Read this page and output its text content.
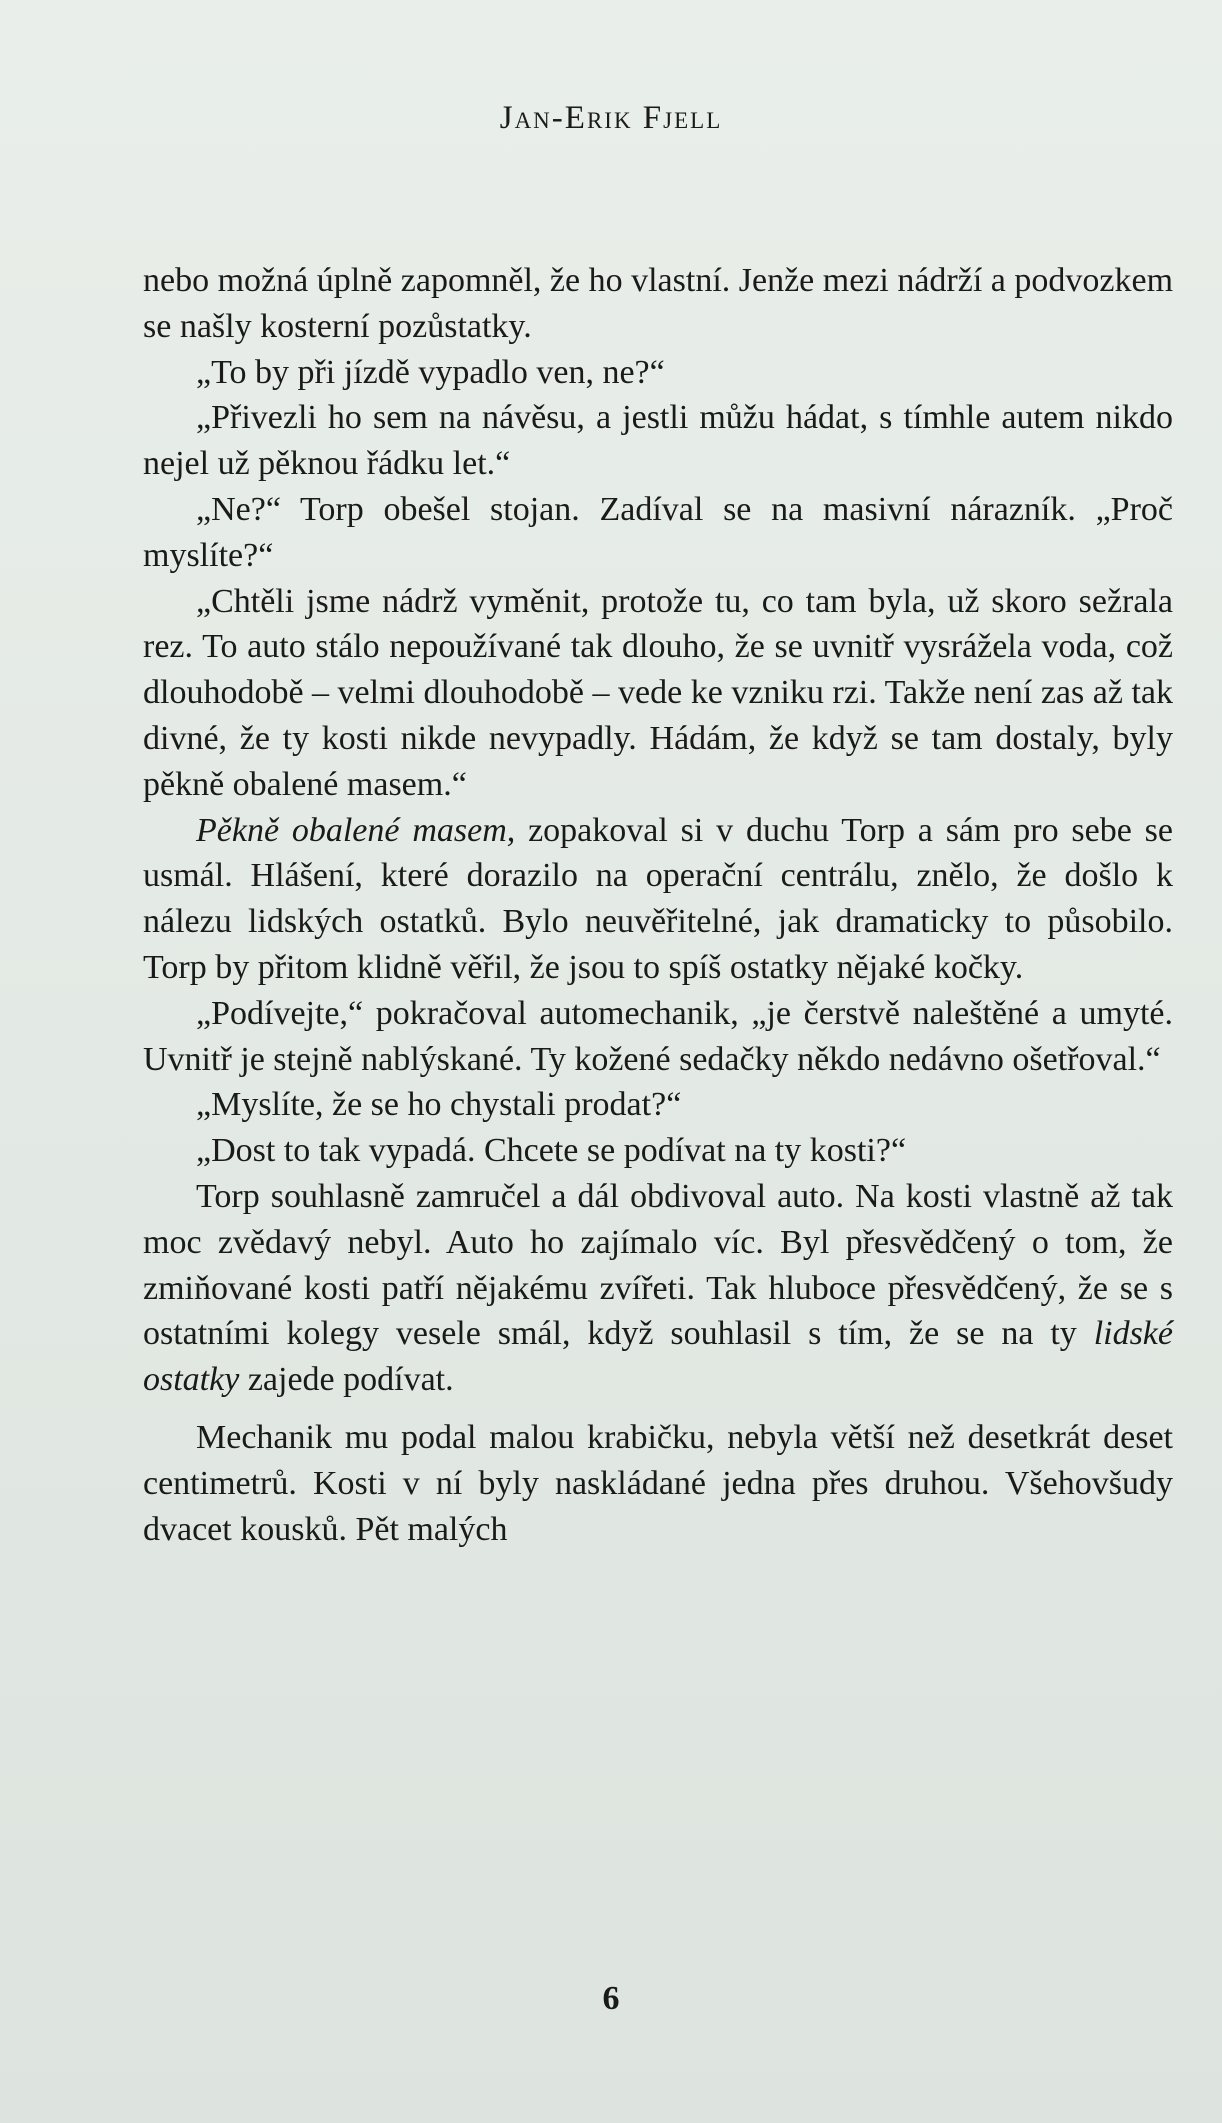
Jan-Erik Fjell

nebo možná úplně zapomněl, že ho vlastní. Jenže mezi nádrží a podvozkem se našly kosterní pozůstatky.

„To by při jízdě vypadlo ven, ne?“

„Přivezli ho sem na návěsu, a jestli můžu hádat, s tímhle autem nikdo nejel už pěknou řádku let.“

„Ne?“ Torp obešel stojan. Zadíval se na masivní nárazník. „Proč myslíte?“

„Chtěli jsme nádrž vyměnit, protože tu, co tam byla, už skoro sežrala rez. To auto stálo nepoužívané tak dlouho, že se uvnitř vysrážela voda, což dlouhodobě – velmi dlouhodobě – vede ke vzniku rzi. Takže není zas až tak divné, že ty kosti nikde nevypadly. Hádám, že když se tam dostaly, byly pěkně obalené masem.“

Pěkně obalené masem, zopakoval si v duchu Torp a sám pro sebe se usmál. Hlášení, které dorazilo na operační centrálu, znělo, že došlo k nálezu lidských ostatků. Bylo neuvěřitelné, jak dramaticky to působilo. Torp by přitom klidně věřil, že jsou to spíš ostatky nějaké kočky.

„Podívejte,“ pokračoval automechanik, „je čerstvě naleštěné a umyté. Uvnitř je stejně nablýskané. Ty kožené sedačky někdo nedávno ošetřoval.“

„Myslíte, že se ho chystali prodat?“

„Dost to tak vypadá. Chcete se podívat na ty kosti?“

Torp souhlasně zamručel a dál obdivoval auto. Na kosti vlastně až tak moc zvědavý nebyl. Auto ho zajímalo víc. Byl přesvědčený o tom, že zmiňované kosti patří nějakému zvířeti. Tak hluboce přesvědčený, že se s ostatními kolegy vesele smál, když souhlasil s tím, že se na ty lidské ostatky zajede podívat.

Mechanik mu podal malou krabičku, nebyla větší než desetkrát deset centimetrů. Kosti v ní byly naskládané jedna přes druhou. Všehovšudy dvacet kousků. Pět malých

6
